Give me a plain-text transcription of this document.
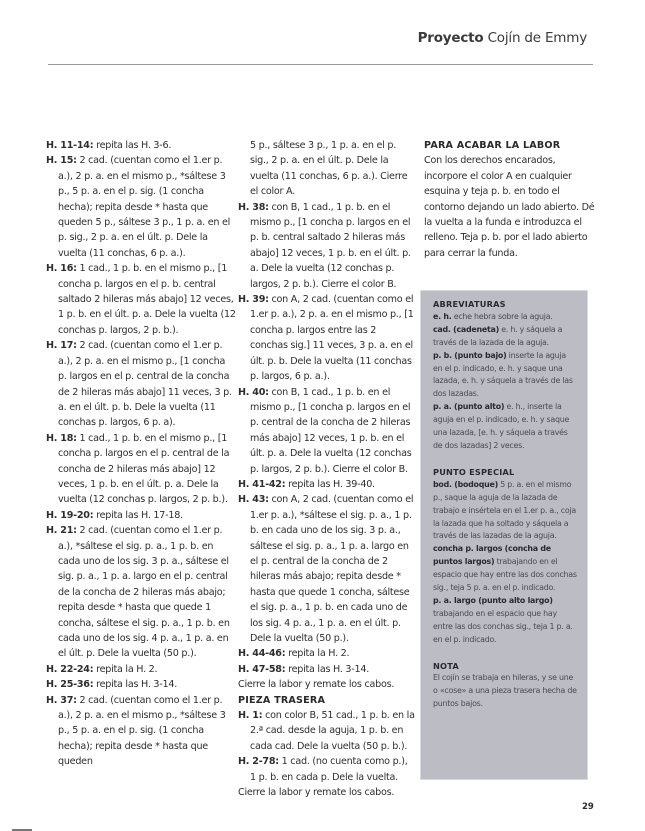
Proyecto Cojín de Emmy

H. 11-14: repita las H. 3-6.

H. 15: 2 cad. (cuentan como el 1.er p. a.), 2 p. a. en el mismo p., *sáltese 3 p., 5 p. a. en el p. sig. (1 concha hecha); repita desde * hasta que queden 5 p., sáltese 3 p., 1 p. a. en el p. sig., 2 p. a. en el últ. p. Dele la vuelta (11 conchas, 6 p. a.).

H. 16: 1 cad., 1 p. b. en el mismo p., [1 concha p. largos en el p. b. central saltado 2 hileras más abajo] 12 veces, 1 p. b. en el últ. p. a. Dele la vuelta (12 conchas p. largos, 2 p. b.).

H. 17: 2 cad. (cuentan como el 1.er p. a.), 2 p. a. en el mismo p., [1 concha p. largos en el p. central de la concha de 2 hileras más abajo] 11 veces, 3 p. a. en el últ. p. b. Dele la vuelta (11 conchas p. largos, 6 p. a).

H. 18: 1 cad., 1 p. b. en el mismo p., [1 concha p. largos en el p. central de la concha de 2 hileras más abajo] 12 veces, 1 p. b. en el últ. p. a. Dele la vuelta (12 conchas p. largos, 2 p. b.).

H. 19-20: repita las H. 17-18.

H. 21: 2 cad. (cuentan como el 1.er p. a.), *sáltese el sig. p. a., 1 p. b. en cada uno de los sig. 3 p. a., sáltese el sig. p. a., 1 p. a. largo en el p. central de la concha de 2 hileras más abajo; repita desde * hasta que quede 1 concha, sáltese el sig. p. a., 1 p. b. en cada uno de los sig. 4 p. a., 1 p. a. en el últ. p. Dele la vuelta (50 p.).

H. 22-24: repita la H. 2.

H. 25-36: repita las H. 3-14.

H. 37: 2 cad. (cuentan como el 1.er p. a.), 2 p. a. en el mismo p., *sáltese 3 p., 5 p. a. en el p. sig. (1 concha hecha); repita desde * hasta que queden

5 p., sáltese 3 p., 1 p. a. en el p. sig., 2 p. a. en el últ. p. Dele la vuelta (11 conchas, 6 p. a.). Cierre el color A.

H. 38: con B, 1 cad., 1 p. b. en el mismo p., [1 concha p. largos en el p. b. central saltado 2 hileras más abajo] 12 veces, 1 p. b. en el últ. p. a. Dele la vuelta (12 conchas p. largos, 2 p. b.). Cierre el color B.

H. 39: con A, 2 cad. (cuentan como el 1.er p. a.), 2 p. a. en el mismo p., [1 concha p. largos entre las 2 conchas sig.] 11 veces, 3 p. a. en el últ. p. b. Dele la vuelta (11 conchas p. largos, 6 p. a.).

H. 40: con B, 1 cad., 1 p. b. en el mismo p., [1 concha p. largos en el p. central de la concha de 2 hileras más abajo] 12 veces, 1 p. b. en el últ. p. a. Dele la vuelta (12 conchas p. largos, 2 p. b.). Cierre el color B.

H. 41-42: repita las H. 39-40.

H. 43: con A, 2 cad. (cuentan como el 1.er p. a.), *sáltese el sig. p. a., 1 p. b. en cada uno de los sig. 3 p. a., sáltese el sig. p. a., 1 p. a. largo en el p. central de la concha de 2 hileras más abajo; repita desde * hasta que quede 1 concha, sáltese el sig. p. a., 1 p. b. en cada uno de los sig. 4 p. a., 1 p. a. en el últ. p. Dele la vuelta (50 p.).

H. 44-46: repita la H. 2.

H. 47-58: repita las H. 3-14.

Cierre la labor y remate los cabos.

PIEZA TRASERA

H. 1: con color B, 51 cad., 1 p. b. en la 2.ª cad. desde la aguja, 1 p. b. en cada cad. Dele la vuelta (50 p. b.).

H. 2-78: 1 cad. (no cuenta como p.), 1 p. b. en cada p. Dele la vuelta.

Cierre la labor y remate los cabos.

PARA ACABAR LA LABOR

Con los derechos encarados, incorpore el color A en cualquier esquina y teja p. b. en todo el contorno dejando un lado abierto. Dé la vuelta a la funda e introduzca el relleno. Teja p. b. por el lado abierto para cerrar la funda.

ABREVIATURAS

e. h. eche hebra sobre la aguja.

cad. (cadeneta) e. h. y sáquela a través de la lazada de la aguja.

p. b. (punto bajo) inserte la aguja en el p. indicado, e. h. y saque una lazada, e. h. y sáquela a través de las dos lazadas.

p. a. (punto alto) e. h., inserte la aguja en el p. indicado, e. h. y saque una lazada, [e. h. y sáquela a través de dos lazadas] 2 veces.

PUNTO ESPECIAL

bod. (bodoque) 5 p. a. en el mismo p., saque la aguja de la lazada de trabajo e insértela en el 1.er p. a., coja la lazada que ha soltado y sáquela a través de las lazadas de la aguja.

concha p. largos (concha de puntos largos) trabajando en el espacio que hay entre las dos conchas sig., teja 5 p. a. en el p. indicado.

p. a. largo (punto alto largo) trabajando en el espacio que hay entre las dos conchas sig., teja 1 p. a. en el p. indicado.

NOTA

El cojín se trabaja en hileras, y se une o «cose» a una pieza trasera hecha de puntos bajos.

29
